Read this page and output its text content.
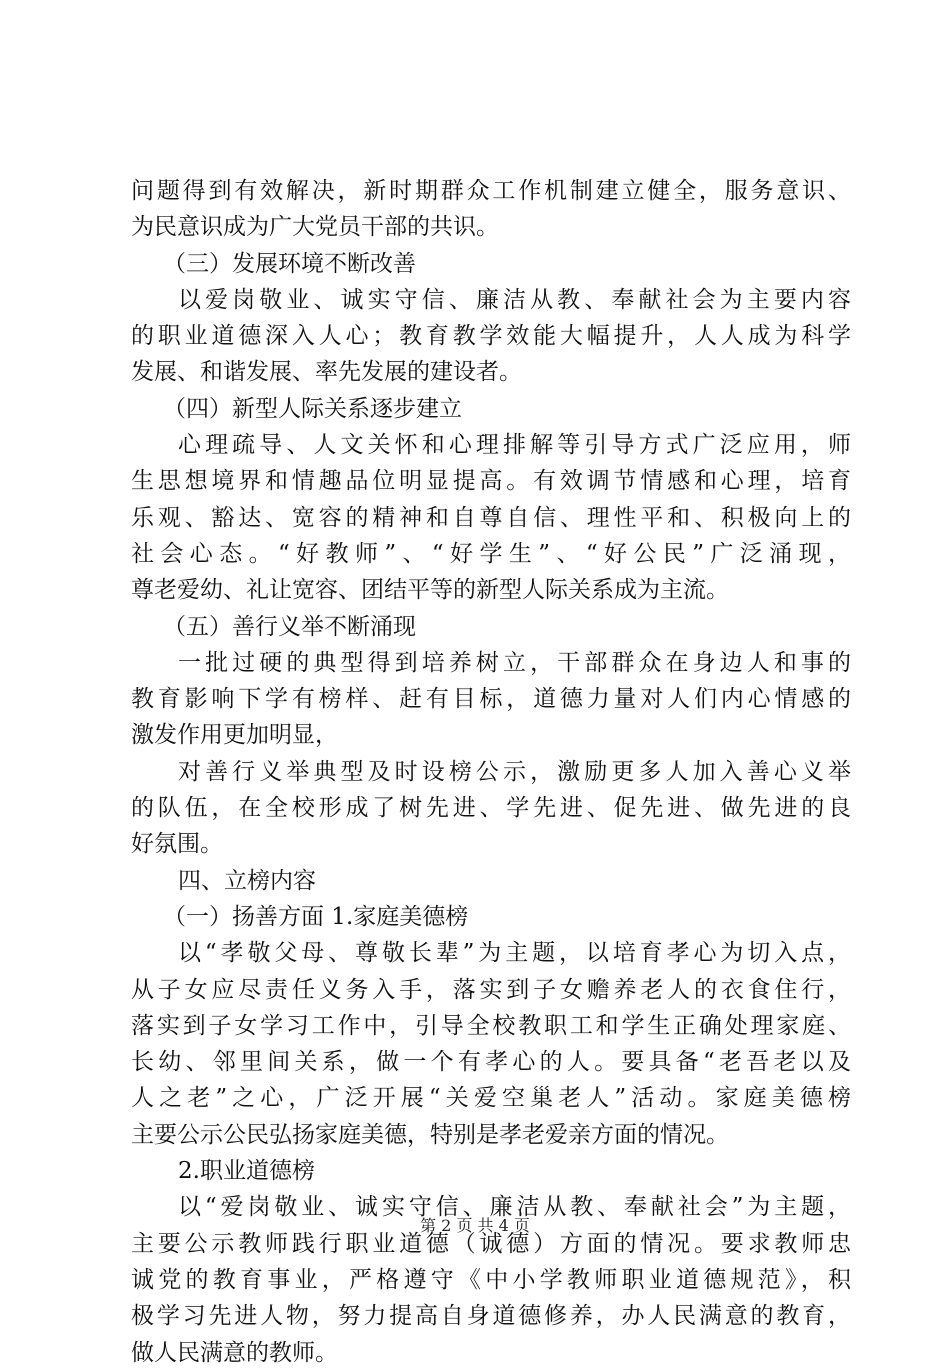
问题得到有效解决，新时期群众工作机制建立健全，服务意识、
为民意识成为广大党员干部的共识。
（三）发展环境不断改善
以爱岗敬业、诚实守信、廉洁从教、奉献社会为主要内容
的职业道德深入人心；教育教学效能大幅提升，人人成为科学
发展、和谐发展、率先发展的建设者。
（四）新型人际关系逐步建立
心理疏导、人文关怀和心理排解等引导方式广泛应用，师
生思想境界和情趣品位明显提高。有效调节情感和心理，培育
乐观、豁达、宽容的精神和自尊自信、理性平和、积极向上的
社会心态。“好教师”、“好学生”、“好公民”广泛涌现，
尊老爱幼、礼让宽容、团结平等的新型人际关系成为主流。
（五）善行义举不断涌现
一批过硬的典型得到培养树立，干部群众在身边人和事的
教育影响下学有榜样、赶有目标，道德力量对人们内心情感的
激发作用更加明显，
对善行义举典型及时设榜公示，激励更多人加入善心义举
的队伍，在全校形成了树先进、学先进、促先进、做先进的良
好氛围。
四、立榜内容
（一）扬善方面 1.家庭美德榜
以“孝敬父母、尊敬长辈”为主题，以培育孝心为切入点，
从子女应尽责任义务入手，落实到子女赡养老人的衣食住行，
落实到子女学习工作中，引导全校教职工和学生正确处理家庭、
长幼、邻里间关系，做一个有孝心的人。要具备“老吾老以及
人之老”之心，广泛开展“关爱空巢老人”活动。家庭美德榜
主要公示公民弘扬家庭美德，特别是孝老爱亲方面的情况。
2.职业道德榜
以“爱岗敬业、诚实守信、廉洁从教、奉献社会”为主题，
主要公示教师践行职业道德（诚德）方面的情况。要求教师忠
诚党的教育事业，严格遵守《中小学教师职业道德规范》，积
极学习先进人物，努力提高自身道德修养，办人民满意的教育，
做人民满意的教师。
第 2 页 共 4 页
